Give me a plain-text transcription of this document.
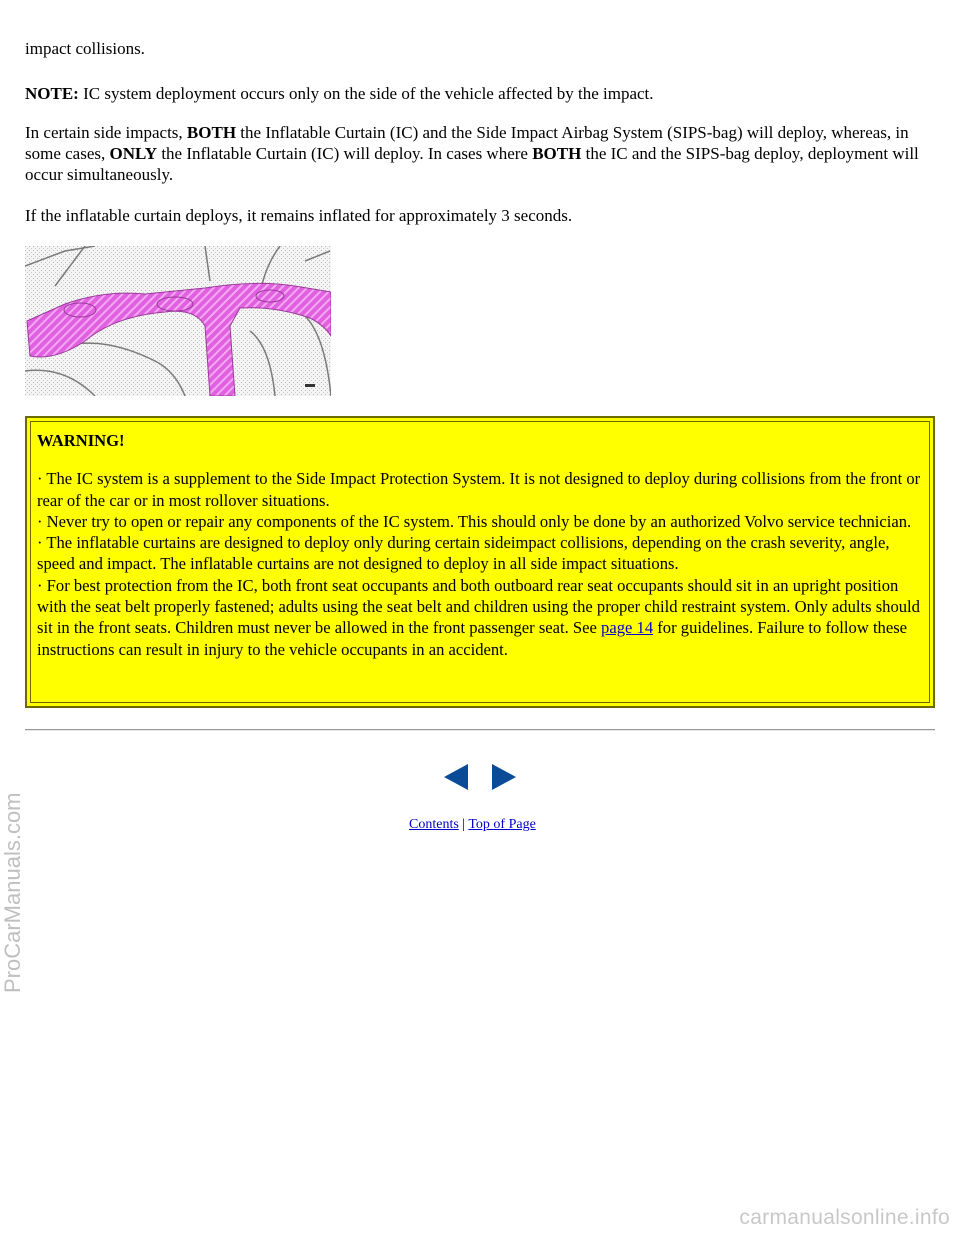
impact collisions.

NOTE: IC system deployment occurs only on the side of the vehicle affected by the impact.

In certain side impacts, BOTH the Inflatable Curtain (IC) and the Side Impact Airbag System (SIPS-bag) will deploy, whereas, in some cases, ONLY the Inflatable Curtain (IC) will deploy. In cases where BOTH the IC and the SIPS-bag deploy, deployment will occur simultaneously.

If the inflatable curtain deploys, it remains inflated for approximately 3 seconds.

WARNING!
· The IC system is a supplement to the Side Impact Protection System. It is not designed to deploy during collisions from the front or rear of the car or in most rollover situations.
· Never try to open or repair any components of the IC system. This should only be done by an authorized Volvo service technician.
· The inflatable curtains are designed to deploy only during certain sideimpact collisions, depending on the crash severity, angle, speed and impact. The inflatable curtains are not designed to deploy in all side impact situations.
· For best protection from the IC, both front seat occupants and both outboard rear seat occupants should sit in an upright position with the seat belt properly fastened; adults using the seat belt and children using the proper child restraint system. Only adults should sit in the front seats. Children must never be allowed in the front passenger seat. See page 14 for guidelines. Failure to follow these instructions can result in injury to the vehicle occupants in an accident.
Contents | Top of Page
ProCarManuals.com
carmanualsonline.info
